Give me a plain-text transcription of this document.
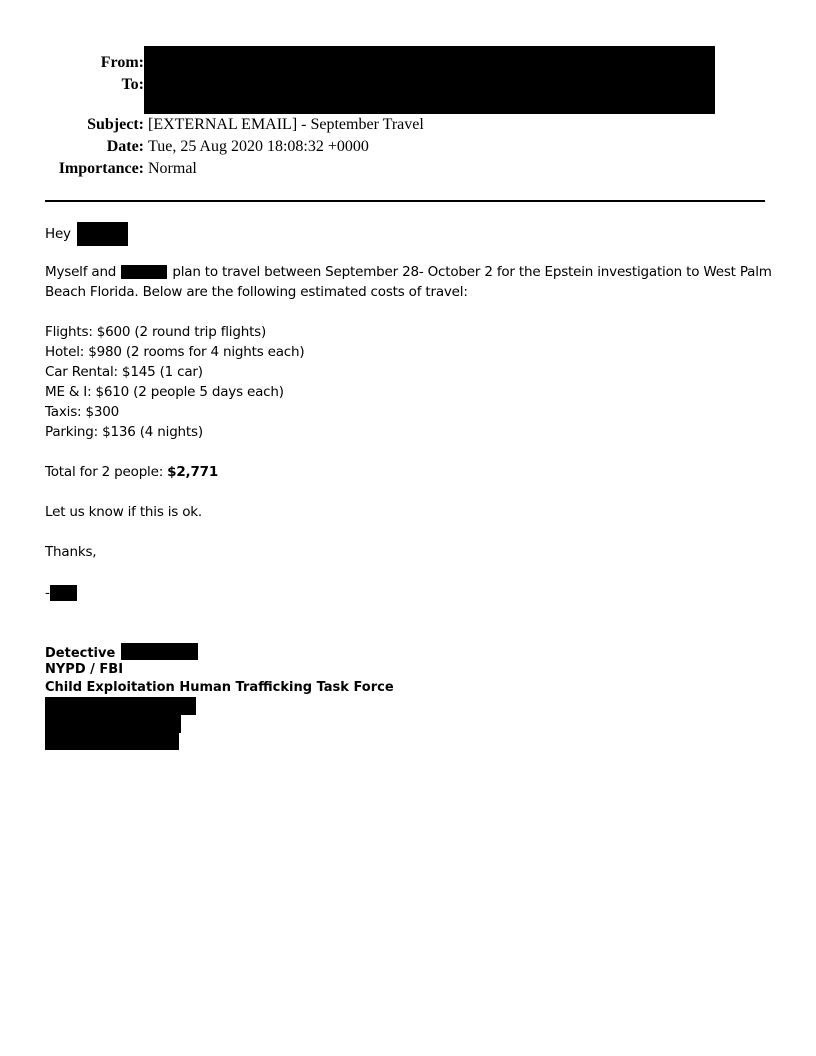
From:
To:
Subject: [EXTERNAL EMAIL] - September Travel
Date: Tue, 25 Aug 2020 18:08:32 +0000
Importance: Normal
Hey
Myself and	plan to travel between September 28- October 2 for the Epstein investigation to West Palm
Beach Florida. Below are the following estimated costs of travel:
Flights: $600 (2 round trip flights)
Hotel: $980 (2 rooms for 4 nights each)
Car Rental: $145 (1 car)
ME & I: $610 (2 people 5 days each)
Taxis: $300
Parking: $136 (4 nights)
Total for 2 people: $2,771
Let us know if this is ok.
Thanks,
-
Detective
NYPD / FBI
Child Exploitation Human Trafficking Task Force
